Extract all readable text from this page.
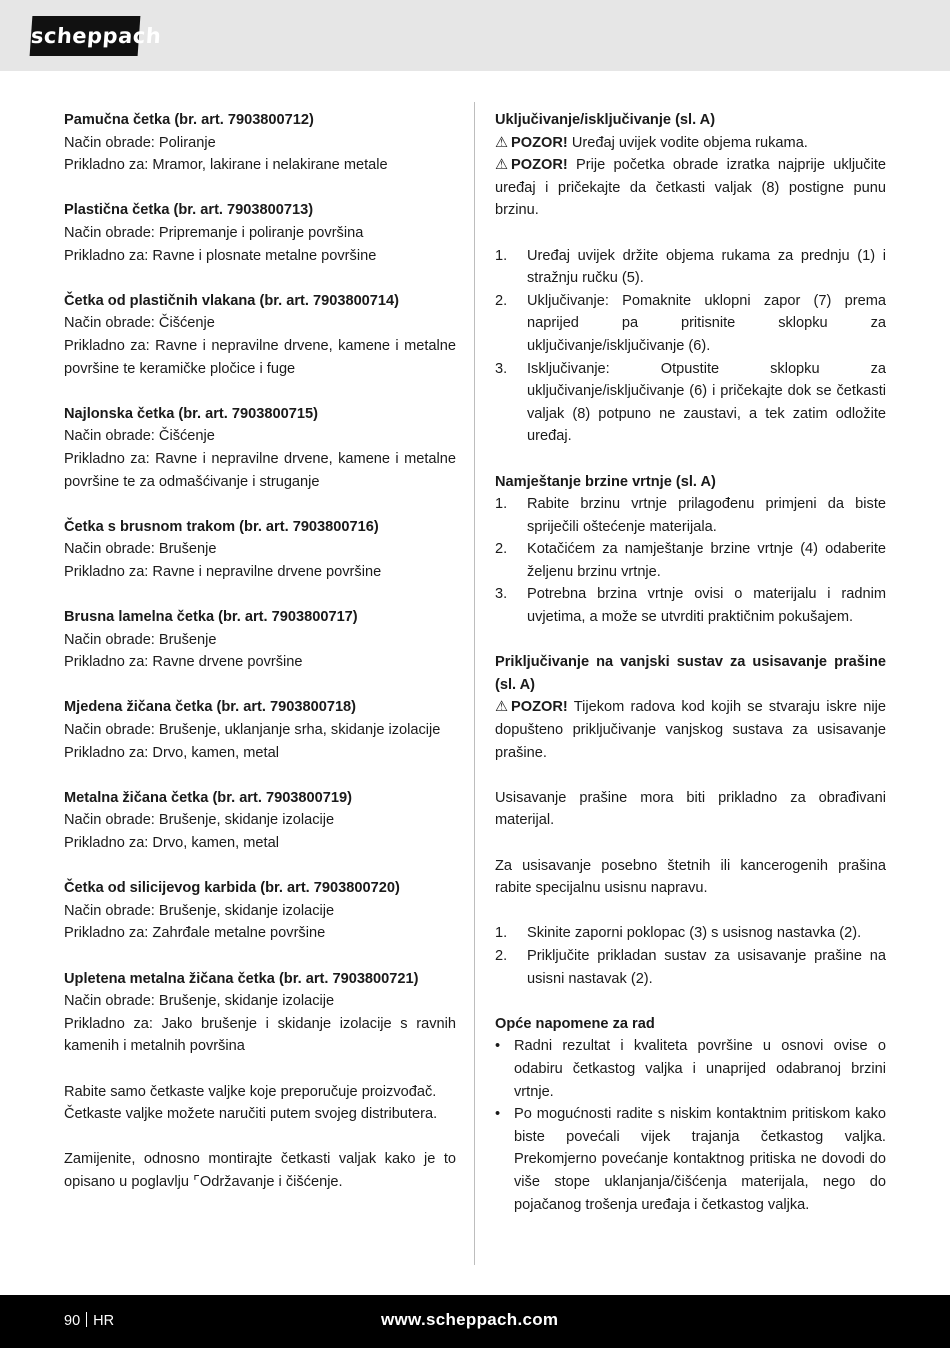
scheppach
Pamučna četka (br. art. 7903800712)
Način obrade: Poliranje
Prikladno za: Mramor, lakirane i nelakirane metale
Plastična četka (br. art. 7903800713)
Način obrade: Pripremanje i poliranje površina
Prikladno za: Ravne i plosnate metalne površine
Četka od plastičnih vlakana (br. art. 7903800714)
Način obrade: Čišćenje
Prikladno za: Ravne i nepravilne drvene, kamene i metalne površine te keramičke pločice i fuge
Najlonska četka (br. art. 7903800715)
Način obrade: Čišćenje
Prikladno za: Ravne i nepravilne drvene, kamene i metalne površine te za odmašćivanje i struganje
Četka s brusnom trakom (br. art. 7903800716)
Način obrade: Brušenje
Prikladno za: Ravne i nepravilne drvene površine
Brusna lamelna četka (br. art. 7903800717)
Način obrade: Brušenje
Prikladno za: Ravne drvene površine
Mjedena žičana četka (br. art. 7903800718)
Način obrade: Brušenje, uklanjanje srha, skidanje izolacije
Prikladno za: Drvo, kamen, metal
Metalna žičana četka (br. art. 7903800719)
Način obrade: Brušenje, skidanje izolacije
Prikladno za: Drvo, kamen, metal
Četka od silicijevog karbida (br. art. 7903800720)
Način obrade: Brušenje, skidanje izolacije
Prikladno za: Zahrđale metalne površine
Upletena metalna žičana četka (br. art. 7903800721)
Način obrade: Brušenje, skidanje izolacije
Prikladno za: Jako brušenje i skidanje izolacije s ravnih kamenih i metalnih površina
Rabite samo četkaste valjke koje preporučuje proizvođač.
Četkaste valjke možete naručiti putem svojeg distributera.
Zamijenite, odnosno montirajte četkasti valjak kako je to opisano u poglavlju ⌜Održavanje i čišćenje.
Uključivanje/isključivanje (sl. A)
⚠ POZOR! Uređaj uvijek vodite objema rukama.
⚠ POZOR! Prije početka obrade izratka najprije uključite uređaj i pričekajte da četkasti valjak (8) postigne punu brzinu.
1.	Uređaj uvijek držite objema rukama za prednju (1) i stražnju ručku (5).
2.	Uključivanje: Pomaknite uklopni zapor (7) prema naprijed pa pritisnite sklopku za uključivanje/isključivanje (6).
3.	Isključivanje: Otpustite sklopku za uključivanje/isključivanje (6) i pričekajte dok se četkasti valjak (8) potpuno ne zaustavi, a tek zatim odložite uređaj.
Namještanje brzine vrtnje (sl. A)
1.	Rabite brzinu vrtnje prilagođenu primjeni da biste spriječili oštećenje materijala.
2.	Kotačićem za namještanje brzine vrtnje (4) odaberite željenu brzinu vrtnje.
3.	Potrebna brzina vrtnje ovisi o materijalu i radnim uvjetima, a može se utvrditi praktičnim pokušajem.
Priključivanje na vanjski sustav za usisavanje prašine (sl. A)
⚠ POZOR! Tijekom radova kod kojih se stvaraju iskre nije dopušteno priključivanje vanjskog sustava za usisavanje prašine.
Usisavanje prašine mora biti prikladno za obrađivani materijal.
Za usisavanje posebno štetnih ili kancerogenih prašina rabite specijalnu usisnu napravu.
1.	Skinite zaporni poklopac (3) s usisnog nastavka (2).
2.	Priključite prikladan sustav za usisavanje prašine na usisni nastavak (2).
Opće napomene za rad
• Radni rezultat i kvaliteta površine u osnovi ovise o odabiru četkastog valjka i unaprijed odabranoj brzini vrtnje.
• Po mogućnosti radite s niskim kontaktnim pritiskom kako biste povećali vijek trajanja četkastog valjka. Prekomjerno povećanje kontaktnog pritiska ne dovodi do više stope uklanjanja/čišćenja materijala, nego do pojačanog trošenja uređaja i četkastog valjka.
90 HR	www.scheppach.com
